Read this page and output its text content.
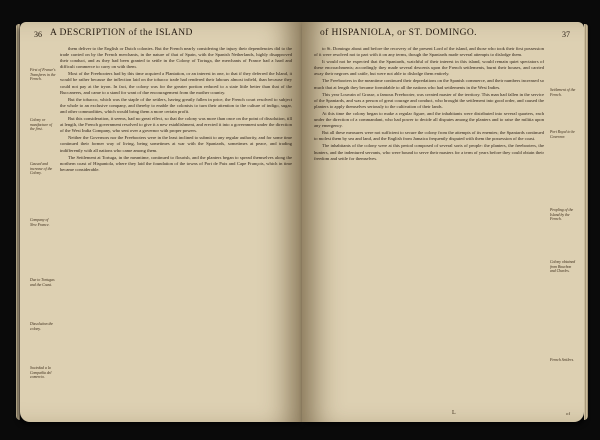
36 A DESCRIPTION of the ISLAND
First of France's Transferes in the French.
Colony or manifacture of the first.
Caused and increase of the Colony.
Company of New France.
Due to Tortugas and the Coast.
Dissolution the colony.
Sociedad a la Compañía del comercio.

them deliver to the English or Dutch colonies. But the French nearly considering the injury their dependencies did to the trade carried on by the French merchants, in the nature of that of Spain, with the Spanish Netherlands, highly disapproved their conduct, and as they had been granted to settle in the Colony of Tortuga, the merchants of France had a hard and difficult commerce to carry on with them.

Most of the Freebooters had by this time acquired a Plantation, or an interest in one, to that if they deferred the Island, it would be rather because the inflection laid on the tobacco trade had rendered their labours almost infield, than because they could not pay at the tryon. In fact, the colony was for the greater portion reduced to a state little better than that of the Buccaneers, and came to a stand for want of due encouragement from the mother country.

But the tobacco, which was the staple of the settlers, having greatly fallen in price, the French court resolved to subject the whole to an exclusive company, and thereby to enable the colonists to turn their attention to the culture of indigo, sugar, and other commodities, which would bring them a more certain profit.

But this consideration, it seems, had no great effect, so that the colony was more than once on the point of dissolution, till at length, the French government resolved to give it a new establishment, and erected it into a government under the direction of the West India Company, who sent over a governor with proper powers.

Neither the Governors nor the Freebooters were in the least inclined to submit to any regular authority, and for some time continued their former way of living, being sometimes at war with the Spaniards, sometimes at peace, and trading indifferently with all nations who came among them.

The Settlement at Tortuga, in the meantime, continued to flourish, and the planters began to spread themselves along the northern coast of Hispaniola, where they laid the foundation of the towns of Port de Paix and Cape François, which in time became considerable.

of HISPANIOLA, or ST. DOMINGO.	37
Settlement of the French.
Port Royal to be Governor.
Peopling of the Island by the French.
Colony obtained from Bourbon and Charles.
French Settlers.

to St. Domingo about and before the recovery of the present Lord of the island, and those who took their first possession of it were resolved not to part with it on any terms, though the Spaniards made several attempts to dislodge them.

It would not be expected that the Spaniards, watchful of their interest in this island, would remain quiet spectators of these encroachments; accordingly they made several descents upon the French settlements, burnt their houses, and carried away their negroes and cattle, but were not able to dislodge them entirely.

The Freebooters in the meantime continued their depredations on the Spanish commerce, and their numbers increased so much that at length they became formidable to all the nations who had settlements in the West Indies.

This year Louvain of Grasse, a famous Freebooter, was created master of the territory. This man had fallen in the service of the Spaniards, and was a person of great courage and conduct, who brought the settlement into good order, and caused the planters to apply themselves seriously to the cultivation of their lands.

At this time the colony began to make a regular figure, and the inhabitants were distributed into several quarters, each under the direction of a commandant, who had power to decide all disputes among the planters and to raise the militia upon any emergency.

But all these measures were not sufficient to secure the colony from the attempts of its enemies; the Spaniards continued to molest them by sea and land, and the English from Jamaica frequently disputed with them the possession of the coast.

The inhabitants of the colony were at this period composed of several sorts of people: the planters, the freebooters, the hunters, and the indentured servants, who were bound to serve their masters for a term of years before they could obtain their freedom and settle for themselves.

L	of
